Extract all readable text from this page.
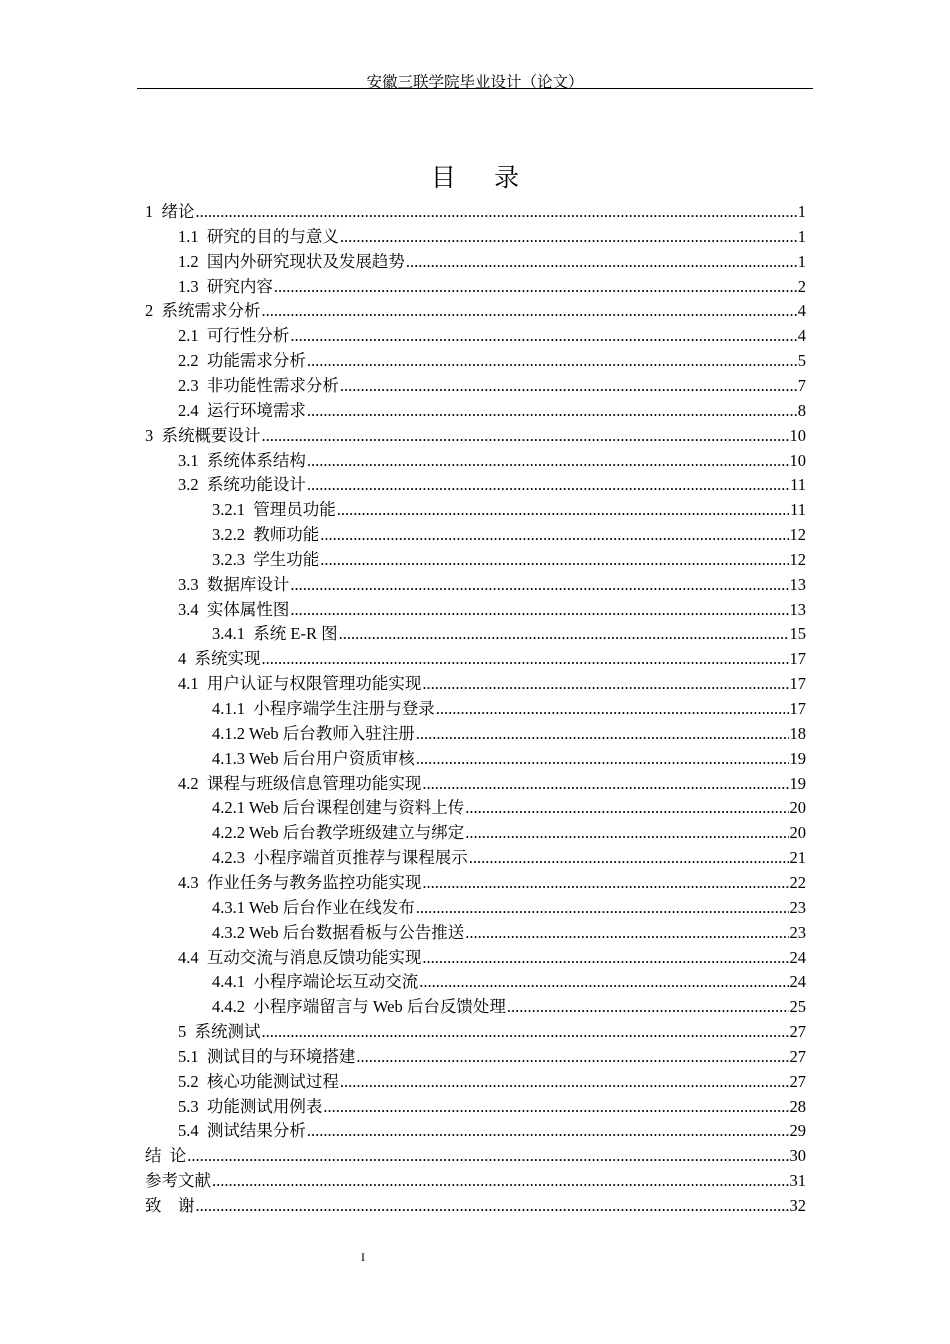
安徽三联学院毕业设计（论文）
目 录
1  绪论 .....	1
1.1  研究的目的与意义 .....	1
1.2  国内外研究现状及发展趋势 .....	1
1.3  研究内容 .....	2
2  系统需求分析 .....	4
2.1  可行性分析 .....	4
2.2  功能需求分析 .....	5
2.3  非功能性需求分析 .....	7
2.4  运行环境需求 .....	8
3  系统概要设计 .....	10
3.1  系统体系结构 .....	10
3.2  系统功能设计 .....	11
3.2.1  管理员功能 .....	11
3.2.2  教师功能 .....	12
3.2.3  学生功能 .....	12
3.3  数据库设计 .....	13
3.4  实体属性图 .....	13
3.4.1  系统 E-R 图 .....	15
4  系统实现 .....	17
4.1  用户认证与权限管理功能实现 .....	17
4.1.1  小程序端学生注册与登录 .....	17
4.1.2 Web 后台教师入驻注册 .....	18
4.1.3 Web 后台用户资质审核 .....	19
4.2  课程与班级信息管理功能实现 .....	19
4.2.1 Web 后台课程创建与资料上传 .....	20
4.2.2 Web 后台教学班级建立与绑定 .....	20
4.2.3  小程序端首页推荐与课程展示 .....	21
4.3  作业任务与教务监控功能实现 .....	22
4.3.1 Web 后台作业在线发布 .....	23
4.3.2 Web 后台数据看板与公告推送 .....	23
4.4  互动交流与消息反馈功能实现 .....	24
4.4.1  小程序端论坛互动交流 .....	24
4.4.2  小程序端留言与 Web 后台反馈处理 .....	25
5  系统测试 .....	27
5.1  测试目的与环境搭建 .....	27
5.2  核心功能测试过程 .....	27
5.3  功能测试用例表 .....	28
5.4  测试结果分析 .....	29
结  论 .....	30
参考文献 .....	31
致    谢 .....	32
I
